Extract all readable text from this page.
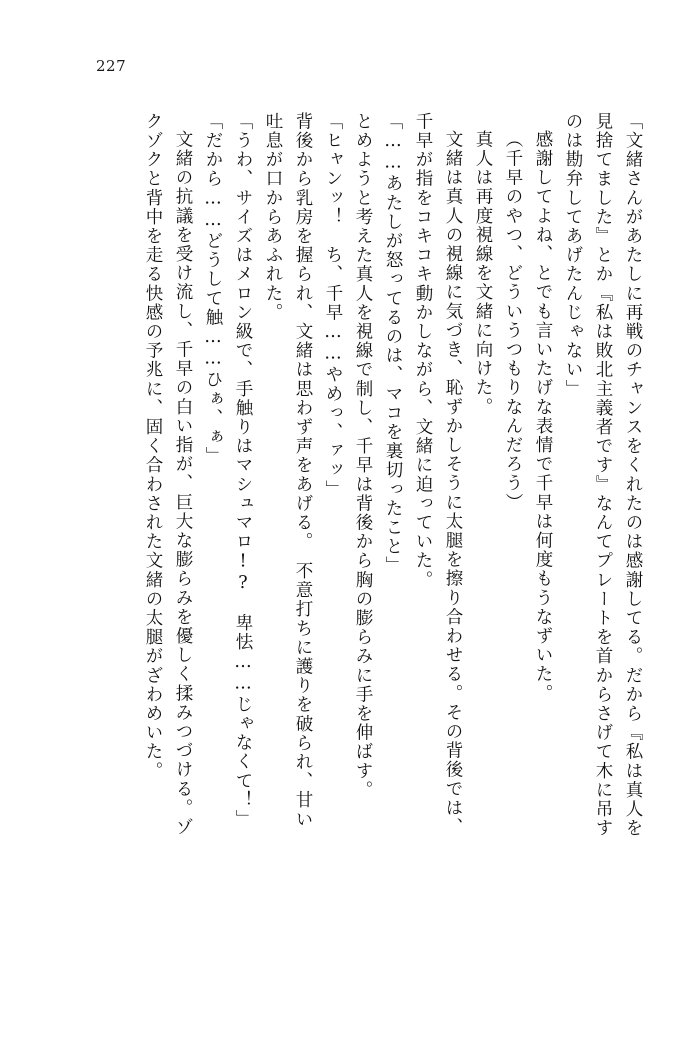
227
「文緒さんがあたしに再戦のチャンスをくれたのは感謝してる。だから『私は真人を
見捨てました』とか『私は敗北主義者です』なんてプレートを首からさげて木に吊す
のは勘弁してあげたんじゃない」
感謝してよね、とでも言いたげな表情で千早は何度もうなずいた。
（千早のやつ、どういうつもりなんだろう）
真人は再度視線を文緒に向けた。
文緒は真人の視線に気づき、恥ずかしそうに太腿を擦り合わせる。その背後では、
千早が指をコキコキ動かしながら、文緒に迫っていた。
「……あたしが怒ってるのは、マコを裏切ったこと」
とめようと考えた真人を視線で制し、千早は背後から胸の膨らみに手を伸ばす。
「ヒャンッ！　ち、千早……やめっ、ァッ」
背後から乳房を握られ、文緒は思わず声をあげる。　不意打ちに護りを破られ、甘い
吐息が口からあふれた。
「うわ、サイズはメロン級で、手触りはマシュマロ!?　卑怯……じゃなくて！」
「だから……どうして触……ひぁ、ぁ」
文緒の抗議を受け流し、千早の白い指が、巨大な膨らみを優しく揉みつづける。ゾ
クゾクと背中を走る快感の予兆に、固く合わされた文緒の太腿がざわめいた。
